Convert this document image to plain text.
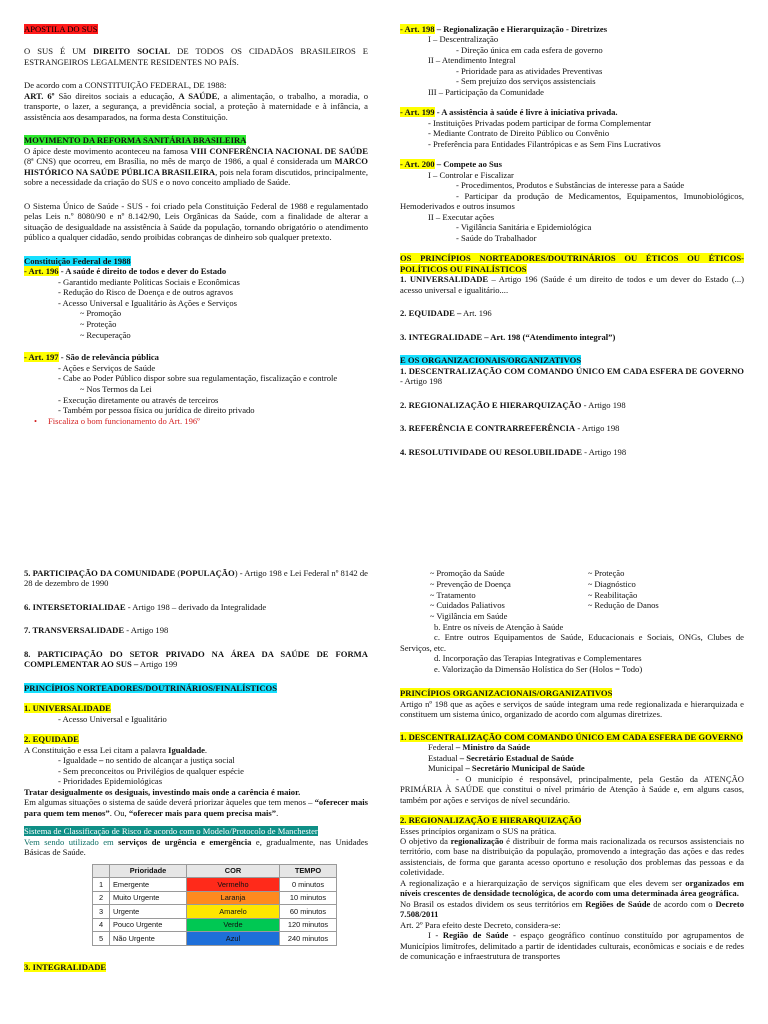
APOSTILA DO SUS

O SUS É UM DIREITO SOCIAL DE TODOS OS CIDADÃOS BRASILEIROS E ESTRANGEIROS LEGALMENTE RESIDENTES NO PAÍS.

De acordo com a CONSTITUIÇÃO FEDERAL, DE 1988:

ART. 6º São direitos sociais a educação, A SAÚDE, a alimentação, o trabalho, a moradia, o transporte, o lazer, a segurança, a previdência social, a proteção à maternidade e à infância, a assistência aos desamparados, na forma desta Constituição.

MOVIMENTO DA REFORMA SANITÁRIA BRASILEIRA

O ápice deste movimento aconteceu na famosa VIII CONFERÊNCIA NACIONAL DE SAÚDE (8ª CNS) que ocorreu, em Brasília, no mês de março de 1986, a qual é considerada um MARCO HISTÓRICO NA SAÚDE PÚBLICA BRASILEIRA, pois nela foram discutidos, principalmente, sobre a necessidade da criação do SUS e o novo conceito ampliado de Saúde.

O Sistema Único de Saúde - SUS - foi criado pela Constituição Federal de 1988 e regulamentado pelas Leis n.º 8080/90 e nº 8.142/90, Leis Orgânicas da Saúde, com a finalidade de alterar a situação de desigualdade na assistência à Saúde da população, tornando obrigatório o atendimento público a qualquer cidadão, sendo proibidas cobranças de dinheiro sob qualquer pretexto.

Constituição Federal de 1988

- Art. 196 - A saúde é direito de todos e dever do Estado

- Garantido mediante Políticas Sociais e Econômicas

- Redução do Risco de Doença e de outros agravos

- Acesso Universal e Igualitário às Ações e Serviços

~ Promoção

~ Proteção

~ Recuperação

- Art. 197 - São de relevância pública

- Ações e Serviços de Saúde

- Cabe ao Poder Público dispor sobre sua regulamentação, fiscalização e controle

~ Nos Termos da Lei

- Execução diretamente ou através de terceiros

- Também por pessoa física ou jurídica de direito privado

• Fiscaliza o bom funcionamento do Art. 196º

- Art. 198 – Regionalização e Hierarquização - Diretrizes

I – Descentralização

- Direção única em cada esfera de governo

II – Atendimento Integral

- Prioridade para as atividades Preventivas

- Sem prejuízo dos serviços assistenciais

III – Participação da Comunidade

- Art. 199 - A assistência à saúde é livre à iniciativa privada.

- Instituições Privadas podem participar de forma Complementar

- Mediante Contrato de Direito Público ou Convênio

- Preferência para Entidades Filantrópicas e as Sem Fins Lucrativos

- Art. 200 – Compete ao Sus

I – Controlar e Fiscalizar

- Procedimentos, Produtos e Substâncias de interesse para a Saúde

- Participar da produção de Medicamentos, Equipamentos, Imunobiológicos, Hemoderivados e outros insumos

II – Executar ações

- Vigilância Sanitária e Epidemiológica

- Saúde do Trabalhador

OS PRINCÍPIOS NORTEADORES/DOUTRINÁRIOS OU ÉTICOS OU ÉTICOS-POLÍTICOS OU FINALÍSTICOS

1. UNIVERSALIDADE – Artigo 196 (Saúde é um direito de todos e um dever do Estado (...) acesso universal e igualitário....

2. EQUIDADE – Art. 196

3. INTEGRALIDADE – Art. 198 (“Atendimento integral”)

E OS ORGANIZACIONAIS/ORGANIZATIVOS

1. DESCENTRALIZAÇÃO COM COMANDO ÚNICO EM CADA ESFERA DE GOVERNO - Artigo 198

2. REGIONALIZAÇÃO E HIERARQUIZAÇÃO - Artigo 198

3. REFERÊNCIA E CONTRARREFERÊNCIA - Artigo 198

4. RESOLUTIVIDADE OU RESOLUBILIDADE - Artigo 198

5. PARTICIPAÇÃO DA COMUNIDADE (POPULAÇÃO) - Artigo 198 e Lei Federal nº 8142 de 28 de dezembro de 1990

6. INTERSETORIALIDAE - Artigo 198 – derivado da Integralidade

7. TRANSVERSALIDADE - Artigo 198

8. PARTICIPAÇÃO DO SETOR PRIVADO NA ÁREA DA SAÚDE DE FORMA COMPLEMENTAR AO SUS – Artigo 199

PRINCÍPIOS NORTEADORES/DOUTRINÁRIOS/FINALÍSTICOS

1. UNIVERSALIDADE

- Acesso Universal e Igualitário

2. EQUIDADE

A Constituição e essa Lei citam a palavra Igualdade.

- Igualdade – no sentido de alcançar a justiça social

- Sem preconceitos ou Privilégios de qualquer espécie

- Prioridades Epidemiológicas

Tratar desigualmente os desiguais, investindo mais onde a carência é maior.

Em algumas situações o sistema de saúde deverá priorizar àqueles que tem menos – “oferecer mais para quem tem menos”. Ou, “oferecer mais para quem precisa mais”.

Sistema de Classificação de Risco de acordo com o Modelo/Protocolo de Manchester

Vem sendo utilizado em serviços de urgência e emergência e, gradualmente, nas Unidades Básicas de Saúde.

	Prioridade	COR	TEMPO
1	Emergente	Vermelho	0 minutos
2	Muito Urgente	Laranja	10 minutos
3	Urgente	Amarelo	60 minutos
4	Pouco Urgente	Verde	120 minutos
5	Não Urgente	Azul	240 minutos

3. INTEGRALIDADE

~ Promoção da Saúde

~ Prevenção de Doença

~ Tratamento

~ Cuidados Paliativos

~ Vigilância em Saúde

~ Proteção

~ Diagnóstico

~ Reabilitação

~ Redução de Danos

b. Entre os níveis de Atenção à Saúde

c. Entre outros Equipamentos de Saúde, Educacionais e Sociais, ONGs, Clubes de Serviços, etc.

d. Incorporação das Terapias Integrativas e Complementares

e. Valorização da Dimensão Holística do Ser (Holos = Todo)

PRINCÍPIOS ORGANIZACIONAIS/ORGANIZATIVOS

Artigo nº 198 que as ações e serviços de saúde integram uma rede regionalizada e hierarquizada e constituem um sistema único, organizado de acordo com algumas diretrizes.

1. DESCENTRALIZAÇÃO COM COMANDO ÚNICO EM CADA ESFERA DE GOVERNO

Federal – Ministro da Saúde

Estadual – Secretário Estadual de Saúde

Municipal – Secretário Municipal de Saúde

- O município é responsável, principalmente, pela Gestão da ATENÇÃO PRIMÁRIA À SAÚDE que constitui o nível primário de Atenção à Saúde e, em alguns casos, também por ações e serviços de nível secundário.

2. REGIONALIZAÇÃO E HIERARQUIZAÇÃO

Esses princípios organizam o SUS na prática.

O objetivo da regionalização é distribuir de forma mais racionalizada os recursos assistenciais no território, com base na distribuição da população, promovendo a integração das ações e das redes assistenciais, de forma que garanta acesso oportuno e resolução dos problemas das pessoas e da coletividade.

A regionalização e a hierarquização de serviços significam que eles devem ser organizados em níveis crescentes de densidade tecnológica, de acordo com uma determinada área geográfica.

No Brasil os estados dividem os seus territórios em Regiões de Saúde de acordo com o Decreto 7.508/2011

Art. 2º Para efeito deste Decreto, considera-se:

I - Região de Saúde - espaço geográfico contínuo constituído por agrupamentos de Municípios limítrofes, delimitado a partir de identidades culturais, econômicas e sociais e de redes de comunicação e infraestrutura de transportes
